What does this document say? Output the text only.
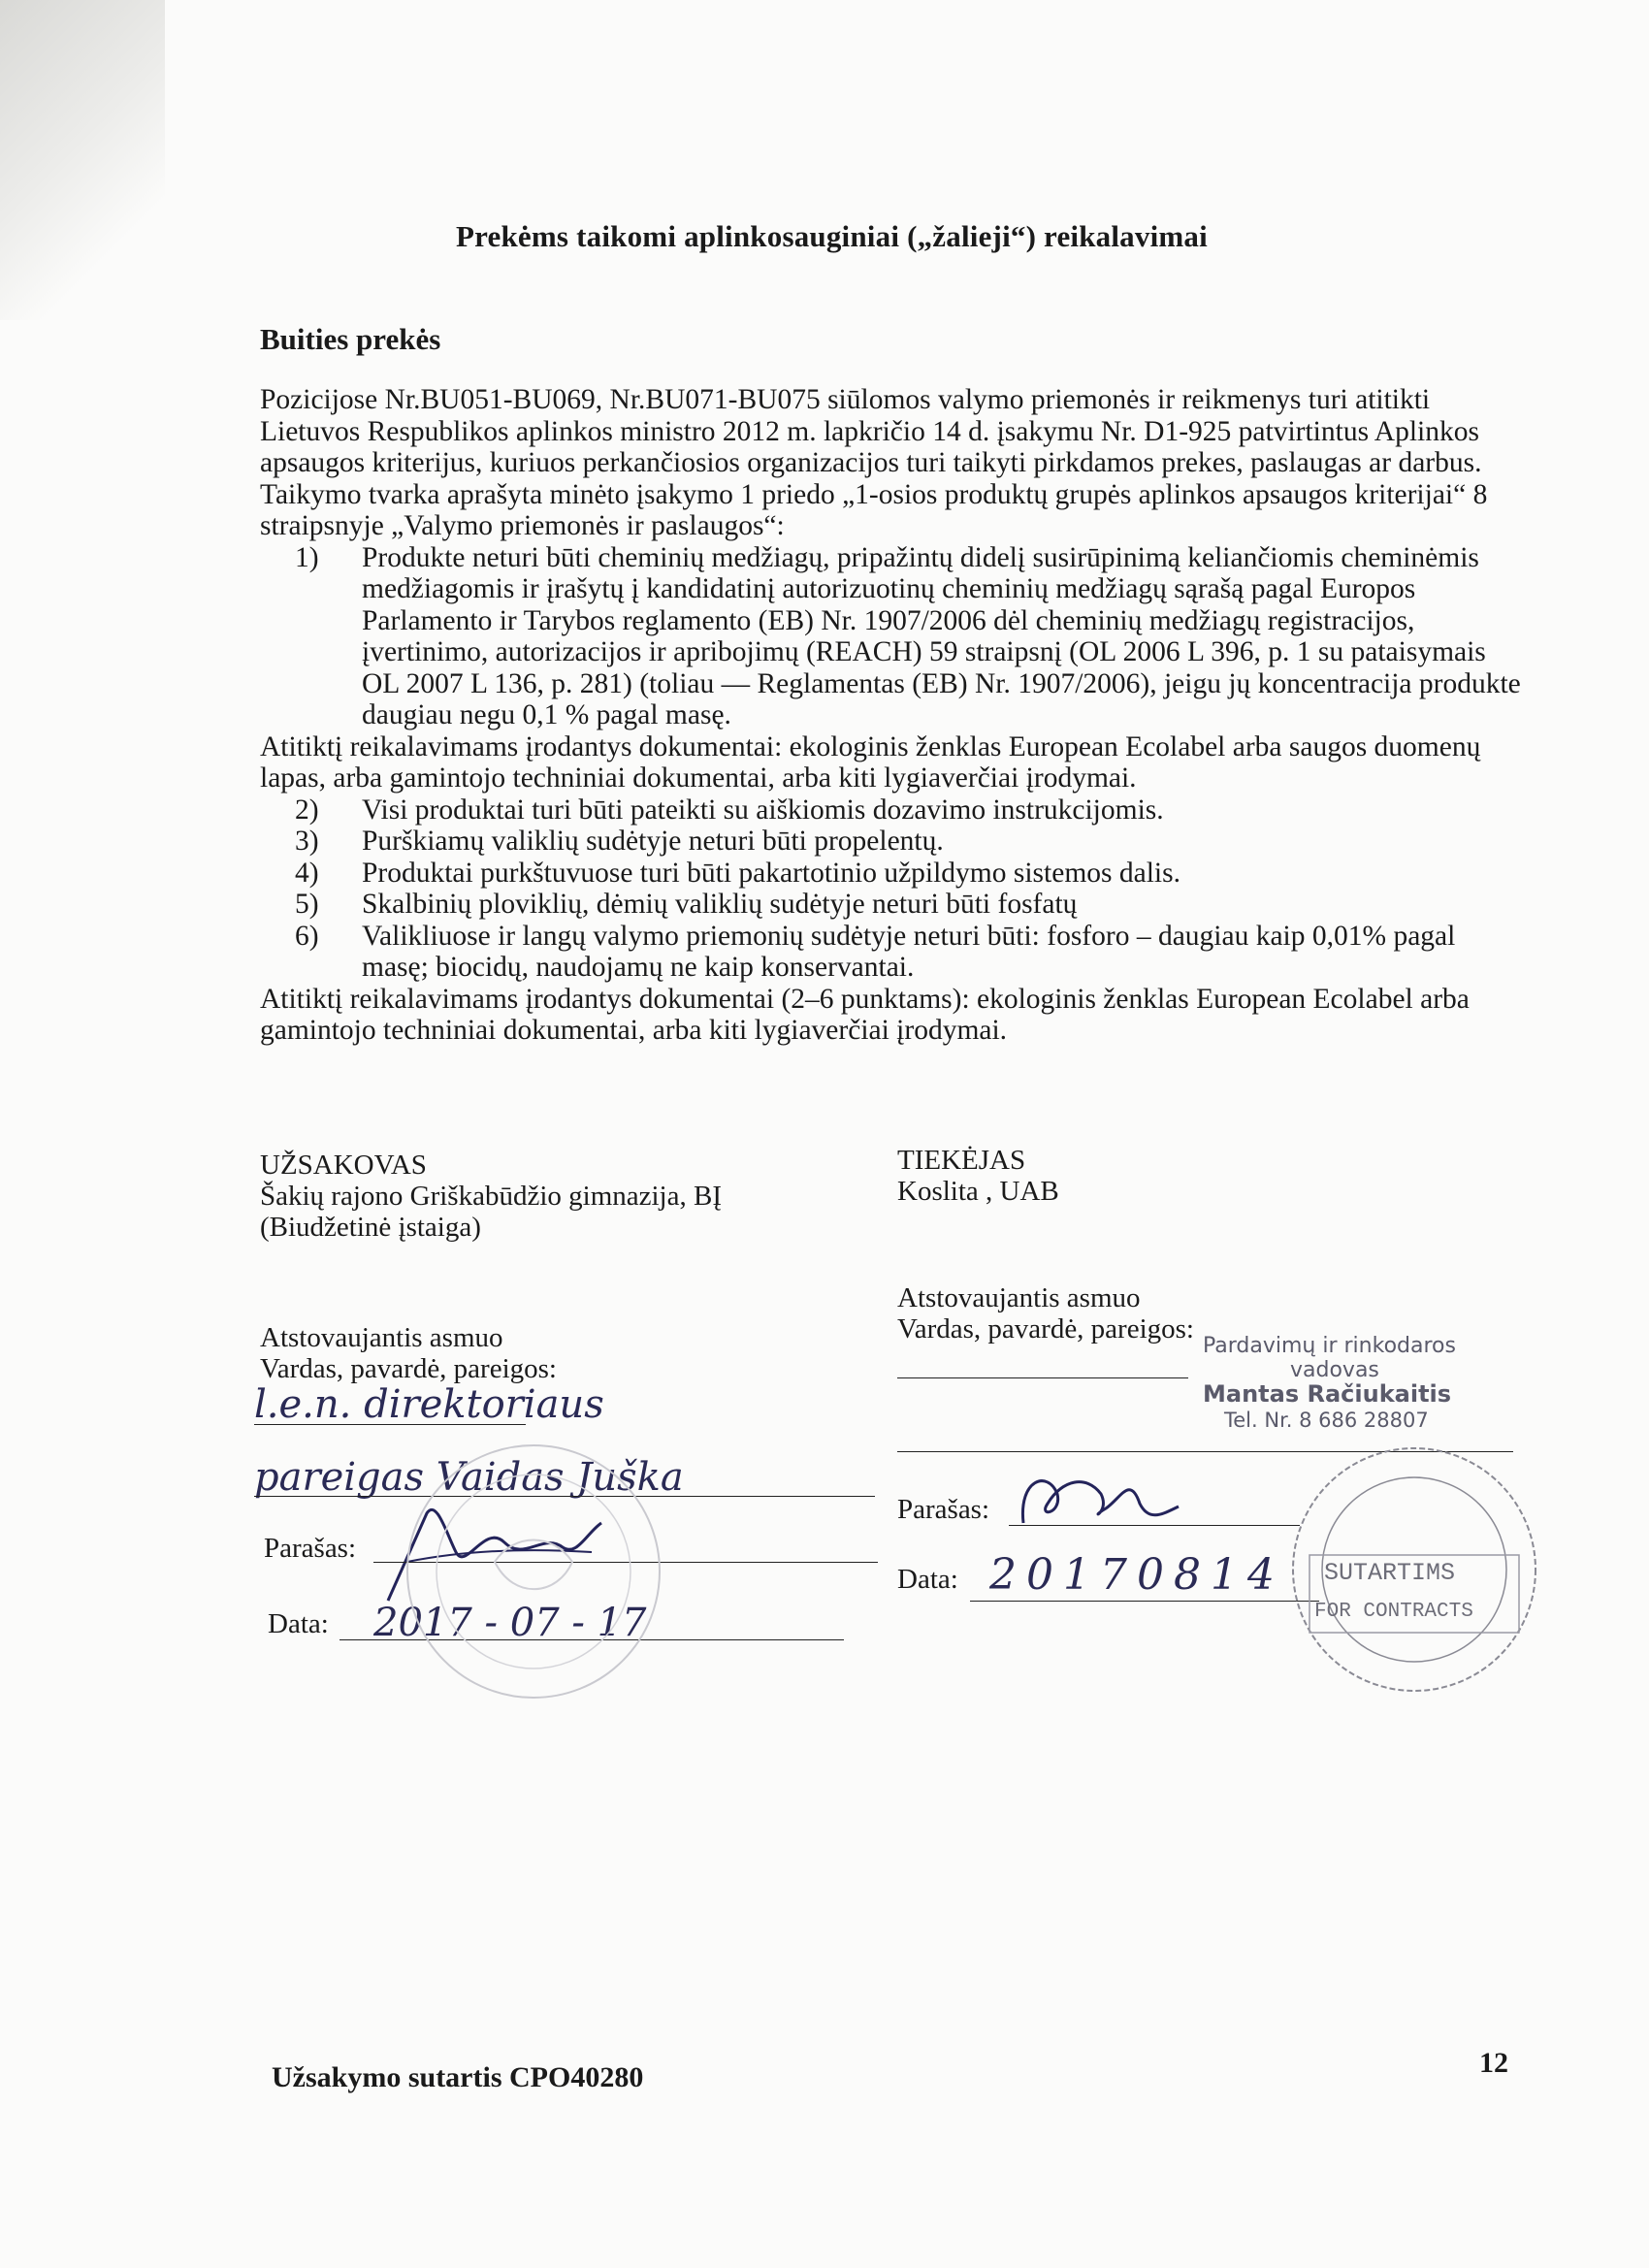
Prekėms taikomi aplinkosauginiai („žalieji“) reikalavimai
Buities prekės

Pozicijose Nr.BU051-BU069, Nr.BU071-BU075 siūlomos valymo priemonės ir reikmenys turi atitikti Lietuvos Respublikos aplinkos ministro 2012 m. lapkričio 14 d. įsakymu Nr. D1-925 patvirtintus Aplinkos apsaugos kriterijus, kuriuos perkančiosios organizacijos turi taikyti pirkdamos prekes, paslaugas ar darbus. Taikymo tvarka aprašyta minėto įsakymo 1 priedo „1-osios produktų grupės aplinkos apsaugos kriterijai“ 8 straipsnyje „Valymo priemonės ir paslaugos“:

1)	Produkte neturi būti cheminių medžiagų, pripažintų didelį susirūpinimą keliančiomis cheminėmis medžiagomis ir įrašytų į kandidatinį autorizuotinų cheminių medžiagų sąrašą pagal Europos Parlamento ir Tarybos reglamento (EB) Nr. 1907/2006 dėl cheminių medžiagų registracijos, įvertinimo, autorizacijos ir apribojimų (REACH) 59 straipsnį (OL 2006 L 396, p. 1 su pataisymais OL 2007 L 136, p. 281) (toliau — Reglamentas (EB) Nr. 1907/2006), jeigu jų koncentracija produkte daugiau negu 0,1 % pagal masę.

Atitiktį reikalavimams įrodantys dokumentai: ekologinis ženklas European Ecolabel arba saugos duomenų lapas, arba gamintojo techniniai dokumentai, arba kiti lygiaverčiai įrodymai.

2)	Visi produktai turi būti pateikti su aiškiomis dozavimo instrukcijomis.
3)	Purškiamų valiklių sudėtyje neturi būti propelentų.
4)	Produktai purkštuvuose turi būti pakartotinio užpildymo sistemos dalis.
5)	Skalbinių ploviklių, dėmių valiklių sudėtyje neturi būti fosfatų
6)	Valikliuose ir langų valymo priemonių sudėtyje neturi būti: fosforo – daugiau kaip 0,01% pagal masę; biocidų, naudojamų ne kaip konservantai.

Atitiktį reikalavimams įrodantys dokumentai (2–6 punktams): ekologinis ženklas European Ecolabel arba gamintojo techniniai dokumentai, arba kiti lygiaverčiai įrodymai.

UŽSAKOVAS
Šakių rajono Griškabūdžio gimnazija, BĮ
(Biudžetinė įstaiga)
Atstovaujantis asmuo
Vardas, pavardė, pareigos:
l.e.n. direktoriaus
pareigas Vaidas Juška
Parašas:
Data: 2017 - 07 - 17
TIEKĖJAS
Koslita , UAB
Atstovaujantis asmuo
Vardas, pavardė, pareigos:
Pardavimų ir rinkodaros
vadovas
Mantas Račiukaitis
Tel. Nr. 8 686 28807
Parašas:
Data: 20170814 SUTARTIMS
FOR CONTRACTS
Užsakymo sutartis CPO40280	12
